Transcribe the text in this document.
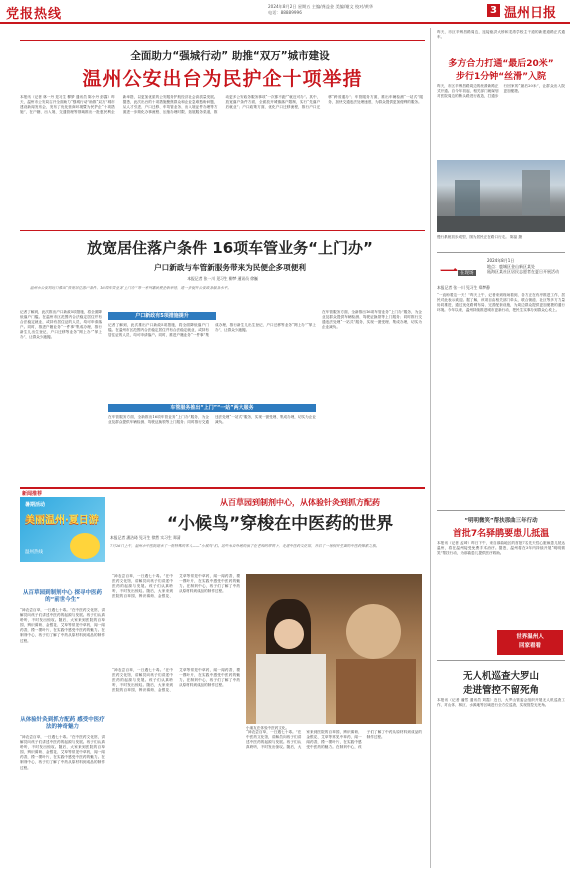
党报热线
2024年8月2日 星期五 主编/龚益金 美编/谢文 校对/黄华
电话：88889996	3 温州日报
全面助力“强城行动” 助推“双万”城市建设
温州公安出台为民护企十项举措
本报讯（记者 林一丹 见习生 柳梦 通讯员 陈小丹 彭露）昨天，温州市公安局召开全面助力“强城行动”助推“双万”城市建设新闻发布会，发布了优化营商环境暨为民护企“十项措施”，在户籍、出入境、交通管理等领域推出一批惠民利企新举措，以更加优质的公安服务护航经济社会高质量发展。据悉，此次出台的十项措施聚焦群众和企业急难愁盼问题，从人才引进、户口迁移、车驾管业务、出入境证件办理等方面进一步简化办事流程、压缩办理时限、拓展服务渠道，推动更多公安政务服务事项“一次都不跑”“就近可办”。其中，放宽落户条件方面，全面放开城镇落户限制，实行“先落户后就业”；户口政策方面，优化户口迁移流程，推行户口迁移“跨省通办”；车管服务方面，推出车辆检测“一站式”服务，加快交通违法处理速度，为群众提供更加便利的服务。
昨天，市区辛贩昌路周边，连接瓯洪大桥和龙湾学校主干道的新建道路正式通车。
多方合力打通“最后20米”
步行1分钟“丝滑”入院
昨天，市区辛贩昌路周边的丝滑新路正式开通。自今年初起，相关部门就谋划对医院周边的断头路进行改造，打通步行回家的“最后20米”，让群众出入院更加便捷。
慢行系统初步成型，图为居民正在路口行走。 陈晶 摄
放宽居住落户条件 16项车管业务“上门办”
户口新政与车管新服务带来为民便企多项便利
本报记者 张一川 见习生 柳梦 通讯员 徐巍
温州市公安局近日推出“放宽居住落户条件、16项车管业务‘上门办’”等一系列惠民便企新举措，进一步提升公安政务服务水平。
记者了解到，此次推出户口新政5项措施，将全面降低落户门槛。在温州市区范围内合法稳定居住并有合法稳定就业，或持有居住证的人员，均可申请落户。同时，推进户籍业务“一件事”集成办理，推行新生儿出生登记、户口迁移等业务“网上办”“掌上办”，让群众少跑腿。
户口新政有5项措施提升
记者了解到，此次推出户口新政5项措施，将全面降低落户门槛。在温州市区范围内合法稳定居住并有合法稳定就业，或持有居住证的人员，均可申请落户。同时，推进户籍业务“一件事”集成办理，推行新生儿出生登记、户口迁移等业务“网上办”“掌上办”，让群众少跑腿。
车管服务推出“上门”“一站”两大服务
在车管服务方面，全新推出16项车管业务“上门办”服务，为企业及群众提供车辆检测、驾驶证换领等上门服务；同时推行交通违法处理“一站式”服务，实现一窗受理、集成办理，切实为企业减负。
在车管服务方面，全新推出16项车管业务“上门办”服务，为企业及群众提供车辆检测、驾驶证换领等上门服务；同时推行交通违法处理“一站式”服务，实现一窗受理、集成办理，切实为企业减负。
新闻推荐
暑期活动
美丽温州·夏日游
温州热线
从百草园到制剂中心，从体验针灸到抓方配药
“小候鸟”穿梭在中医药的世界
本报记者 潘洁琦 见习生 徐然 实习生 郑清
7月26日上午，温州市中医院迎来了一批特殊的客人——“小候鸟”们。这些来自外地的孩子在老师的带领下，走进中医药文化馆，开启了一场别开生面的中医药探索之旅。
从百草园到制剂中心 探寻中医药的“前世今生”
“神农尝百草，一日遇七十毒。”在中医药文化馆，讲解员向孩子们讲述中医药的起源与发展。孩子们认真聆听，不时发出惊叹。随后，大家来到医院的百草园，辨识薄荷、金银花、艾草等常见中草药，闻一闻药香，摸一摸叶片，在实践中感受中医药的魅力。在制剂中心，孩子们了解了中药从原材料到成品的制作过程。
从体验针灸到抓方配药 感受中医疗法的神奇魅力
“神农尝百草，一日遇七十毒。”在中医药文化馆，讲解员向孩子们讲述中医药的起源与发展。孩子们认真聆听，不时发出惊叹。随后，大家来到医院的百草园，辨识薄荷、金银花、艾草等常见中草药，闻一闻药香，摸一摸叶片，在实践中感受中医药的魅力。在制剂中心，孩子们了解了中药从原材料到成品的制作过程。
“神农尝百草，一日遇七十毒。”在中医药文化馆，讲解员向孩子们讲述中医药的起源与发展。孩子们认真聆听，不时发出惊叹。随后，大家来到医院的百草园，辨识薄荷、金银花、艾草等常见中草药，闻一闻药香，摸一摸叶片，在实践中感受中医药的魅力。在制剂中心，孩子们了解了中药从原材料到成品的制作过程。
“神农尝百草，一日遇七十毒。”在中医药文化馆，讲解员向孩子们讲述中医药的起源与发展。孩子们认真聆听，不时发出惊叹。随后，大家来到医院的百草园，辨识薄荷、金银花、艾草等常见中草药，闻一闻药香，摸一摸叶片，在实践中感受中医药的魅力。在制剂中心，孩子们了解了中药从原材料到成品的制作过程。
“神农尝百草，一日遇七十毒。”在中医药文化馆，讲解员向孩子们讲述中医药的起源与发展。孩子们认真聆听，不时发出惊叹。随后，大家来到医院的百草园，辨识薄荷、金银花、艾草等常见中草药，闻一闻药香，摸一摸叶片，在实践中感受中医药的魅力。在制剂中心，孩子们了解了中药从原材料到成品的制作过程。
小朋友在体验中医药文化。
一 在现场
2024年8月1日
地点：鹿城区金山新区某处
瓯海区某社区居民志愿者在夏日开展活动
本报记者 张一川 见习生 郑梦静
“一直盼着这一天！”昨天上午，记者来到现场看到，各方正在有序推进工作，居民对此表示欢迎。据了解，该项目由相关部门牵头，联合街道、社区等多方力量协同推进，通过优化路网布局、完善配套设施，为周边群众提供更加便捷的通行环境。今年以来，温州持续推进城市更新行动，把民生实事办到群众心坎上。
“明明微笑”帮扶那曲三年行动
首批7名驿鹃要患儿抵温
本报讯（记者 孟琦）昨日下午，来自那曲地区的首批7名先天性心脏病患儿抵达温州，将在温州接受免费手术治疗。据悉，温州将在3年内持续开展“明明微笑”帮扶行动，为那曲患儿提供医疗救助。
世界温州人
回家看看
无人机巡查大罗山
走进管控不留死角
本报讯（记者 潘然 通讯员 刘霞）近日，大罗山管委会组织开展无人机巡查工作，对山体、林区、水源地等区域进行全方位巡查，实现管控无死角。
